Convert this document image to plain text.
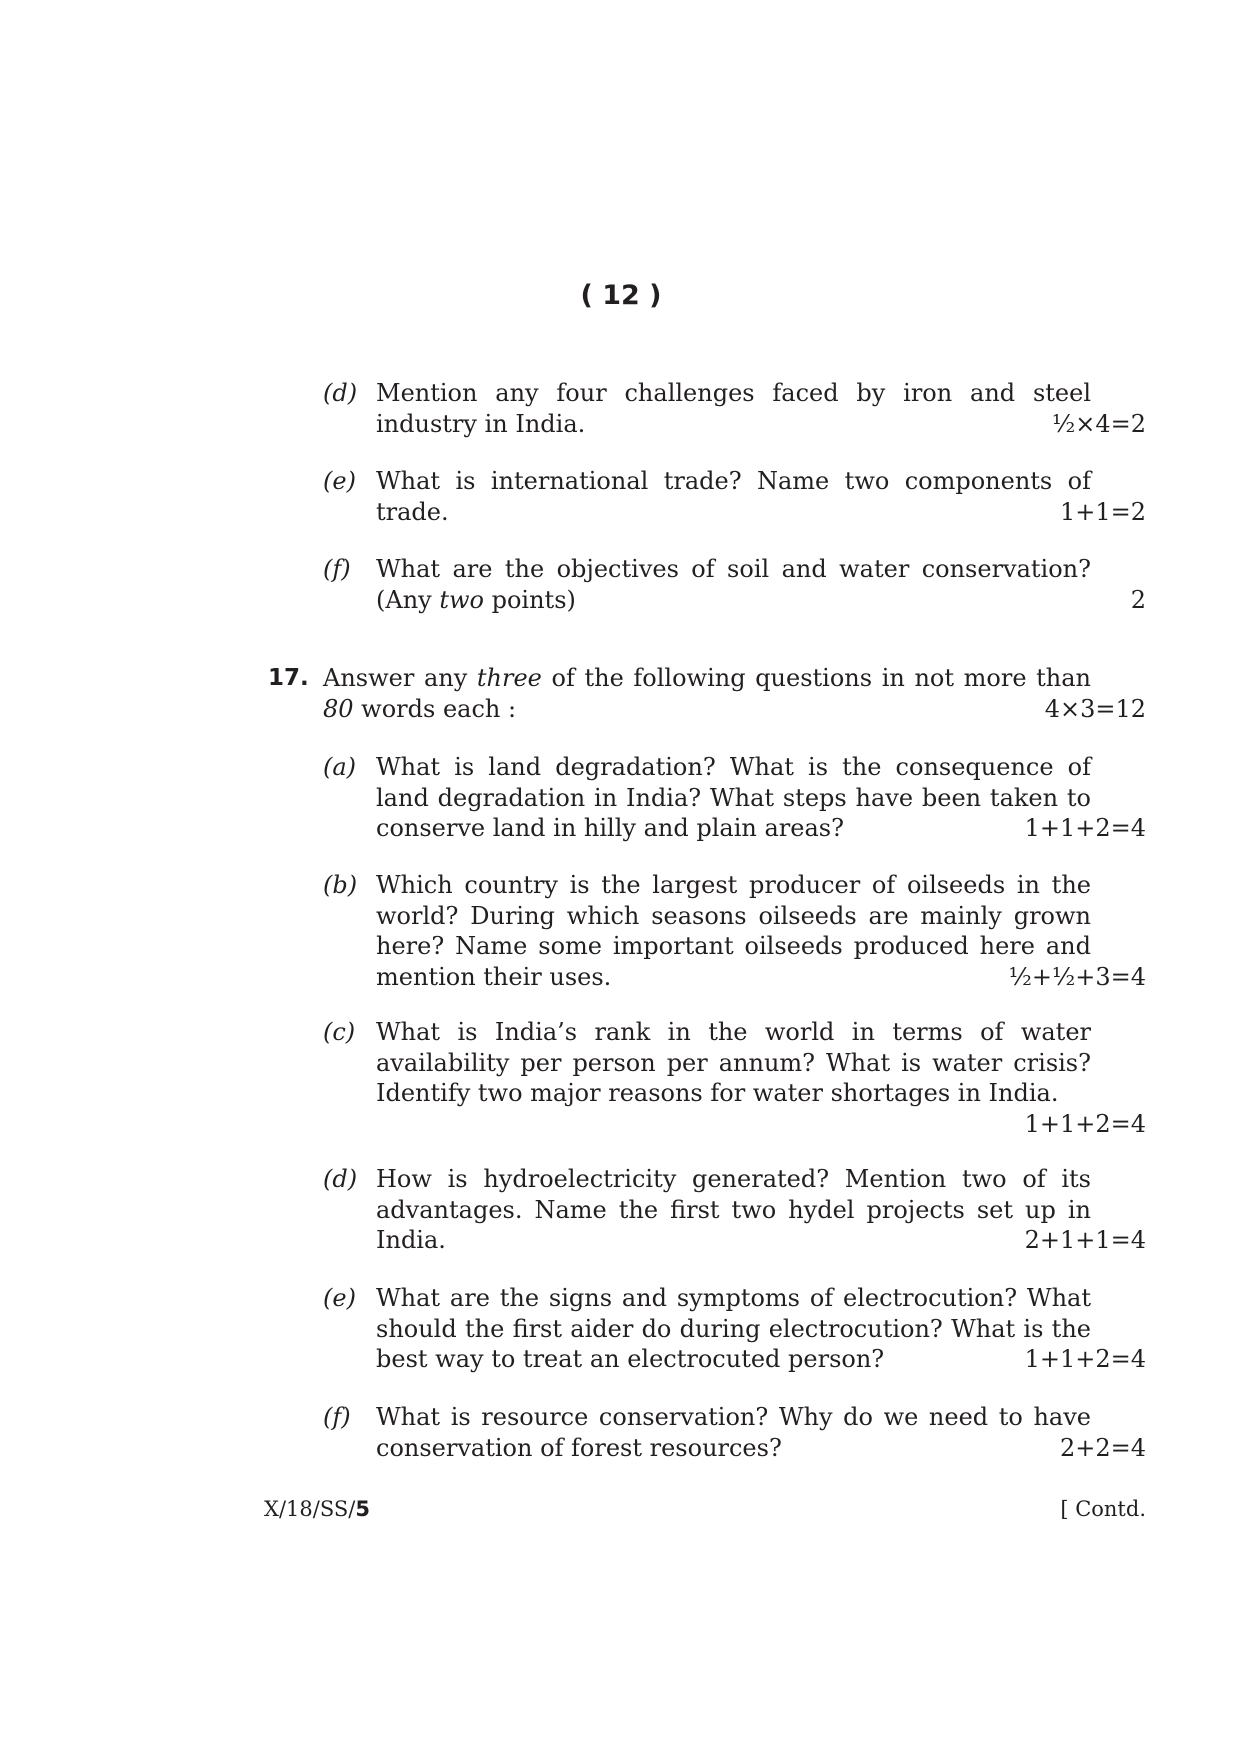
( 12 )
(d) Mention any four challenges faced by iron and steel industry in India.	½×4=2
(e) What is international trade? Name two components of trade.	1+1=2
(f) What are the objectives of soil and water conservation? (Any two points)	2
17. Answer any three of the following questions in not more than 80 words each :	4×3=12
(a) What is land degradation? What is the consequence of land degradation in India? What steps have been taken to conserve land in hilly and plain areas?	1+1+2=4
(b) Which country is the largest producer of oilseeds in the world? During which seasons oilseeds are mainly grown here? Name some important oilseeds produced here and mention their uses.	½+½+3=4
(c) What is India’s rank in the world in terms of water availability per person per annum? What is water crisis? Identify two major reasons for water shortages in India.
1+1+2=4
(d) How is hydroelectricity generated? Mention two of its advantages. Name the first two hydel projects set up in India.	2+1+1=4
(e) What are the signs and symptoms of electrocution? What should the first aider do during electrocution? What is the best way to treat an electrocuted person?	1+1+2=4
(f) What is resource conservation? Why do we need to have conservation of forest resources?	2+2=4
X/18/SS/5	[ Contd.
